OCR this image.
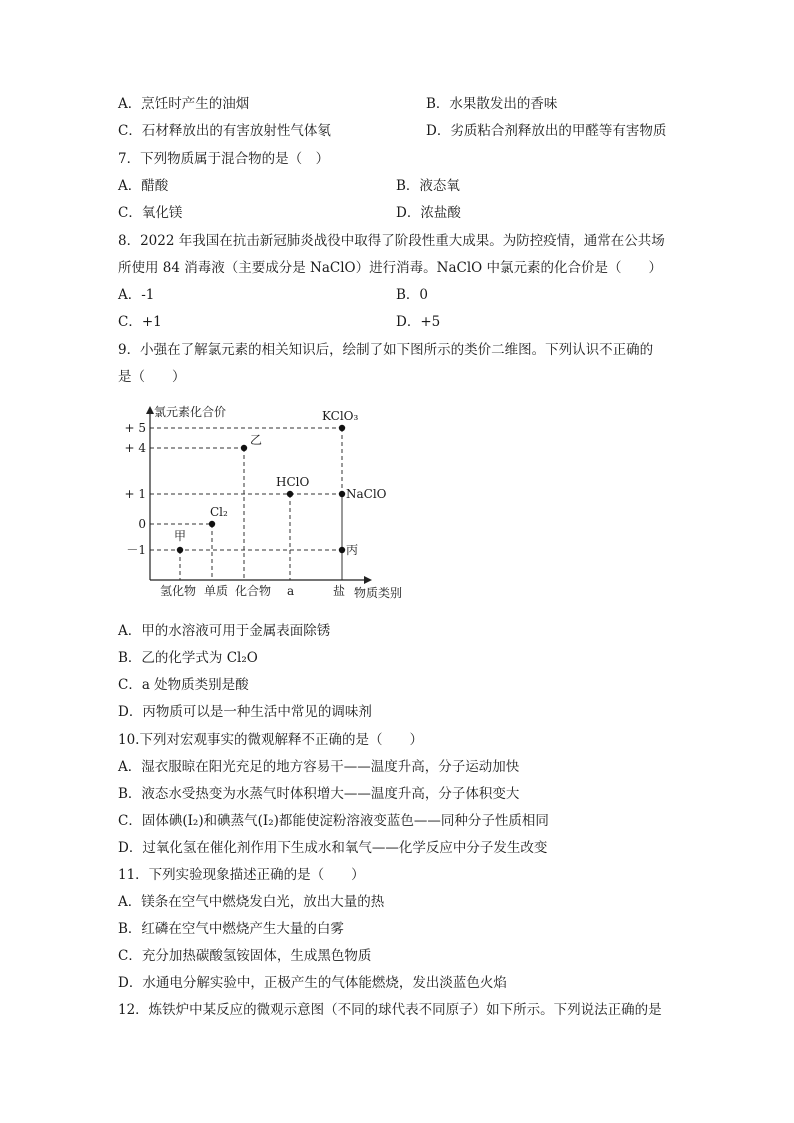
A．烹饪时产生的油烟	B．水果散发出的香味
C．石材释放出的有害放射性气体氡	D．劣质粘合剂释放出的甲醛等有害物质
7．下列物质属于混合物的是（　）
A．醋酸	B．液态氧
C．氧化镁	D．浓盐酸
8．2022 年我国在抗击新冠肺炎战役中取得了阶段性重大成果。为防控疫情，通常在公共场
所使用 84 消毒液（主要成分是 NaClO）进行消毒。NaClO 中氯元素的化合价是（　　）
A．-1	B．0
C．+1	D．+5
9．小强在了解氯元素的相关知识后，绘制了如下图所示的类价二维图。下列认识不正确的
是（　　）
氯元素化合价
物质类别
+ 5
+ 4
+ 1
0
－1
氢化物 单质 化合物 a	盐
甲
Cl₂
乙
HClO
KClO₃
NaClO
丙
A．甲的水溶液可用于金属表面除锈
B．乙的化学式为 Cl₂O
C．a 处物质类别是酸
D．丙物质可以是一种生活中常见的调味剂
10.下列对宏观事实的微观解释不正确的是（　　）
A．湿衣服晾在阳光充足的地方容易干——温度升高，分子运动加快
B．液态水受热变为水蒸气时体积增大——温度升高，分子体积变大
C．固体碘(I₂)和碘蒸气(I₂)都能使淀粉溶液变蓝色——同种分子性质相同
D．过氧化氢在催化剂作用下生成水和氧气——化学反应中分子发生改变
11．下列实验现象描述正确的是（　　）
A．镁条在空气中燃烧发白光，放出大量的热
B．红磷在空气中燃烧产生大量的白雾
C．充分加热碳酸氢铵固体，生成黑色物质
D．水通电分解实验中，正极产生的气体能燃烧，发出淡蓝色火焰
12．炼铁炉中某反应的微观示意图（不同的球代表不同原子）如下所示。下列说法正确的是
